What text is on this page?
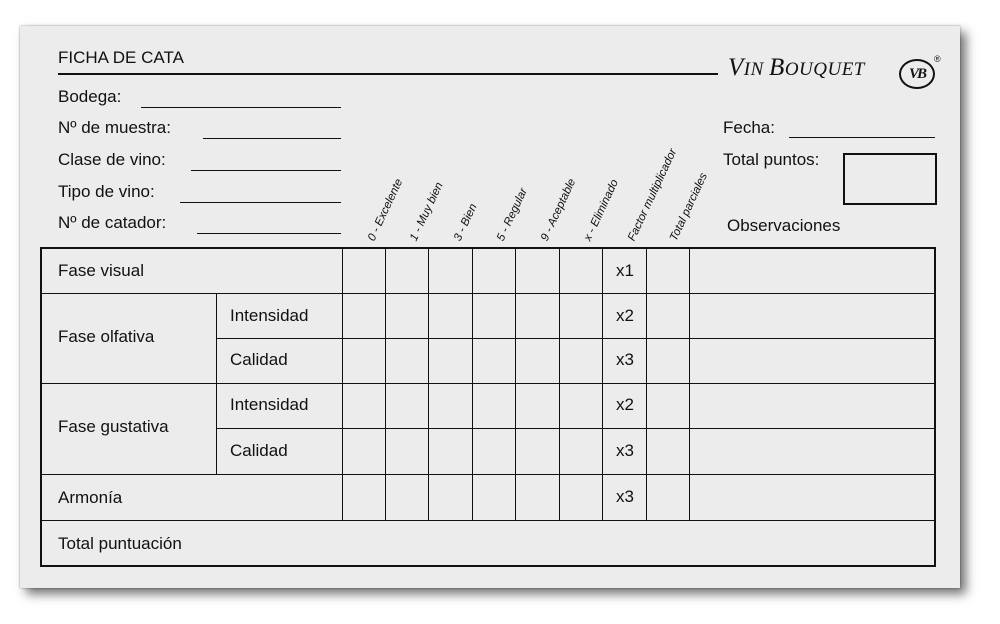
FICHA DE CATA	VIN BOUQUET	VB
®
Bodega:
Nº de muestra:
Clase de vino:
Tipo de vino:
Nº de catador:
Fecha:
Total puntos:
Observaciones
0 - Excelente 1 - Muy bien 3 - Bien 5 - Regular 9 - Aceptable x - Eliminado Factor multiplicador
Total parciales
Fase visual
Fase olfativa
Intensidad
Calidad
Fase gustativa
Intensidad
Calidad
Armonía
Total puntuación
x1
x2
x3
x2
x3
x3
